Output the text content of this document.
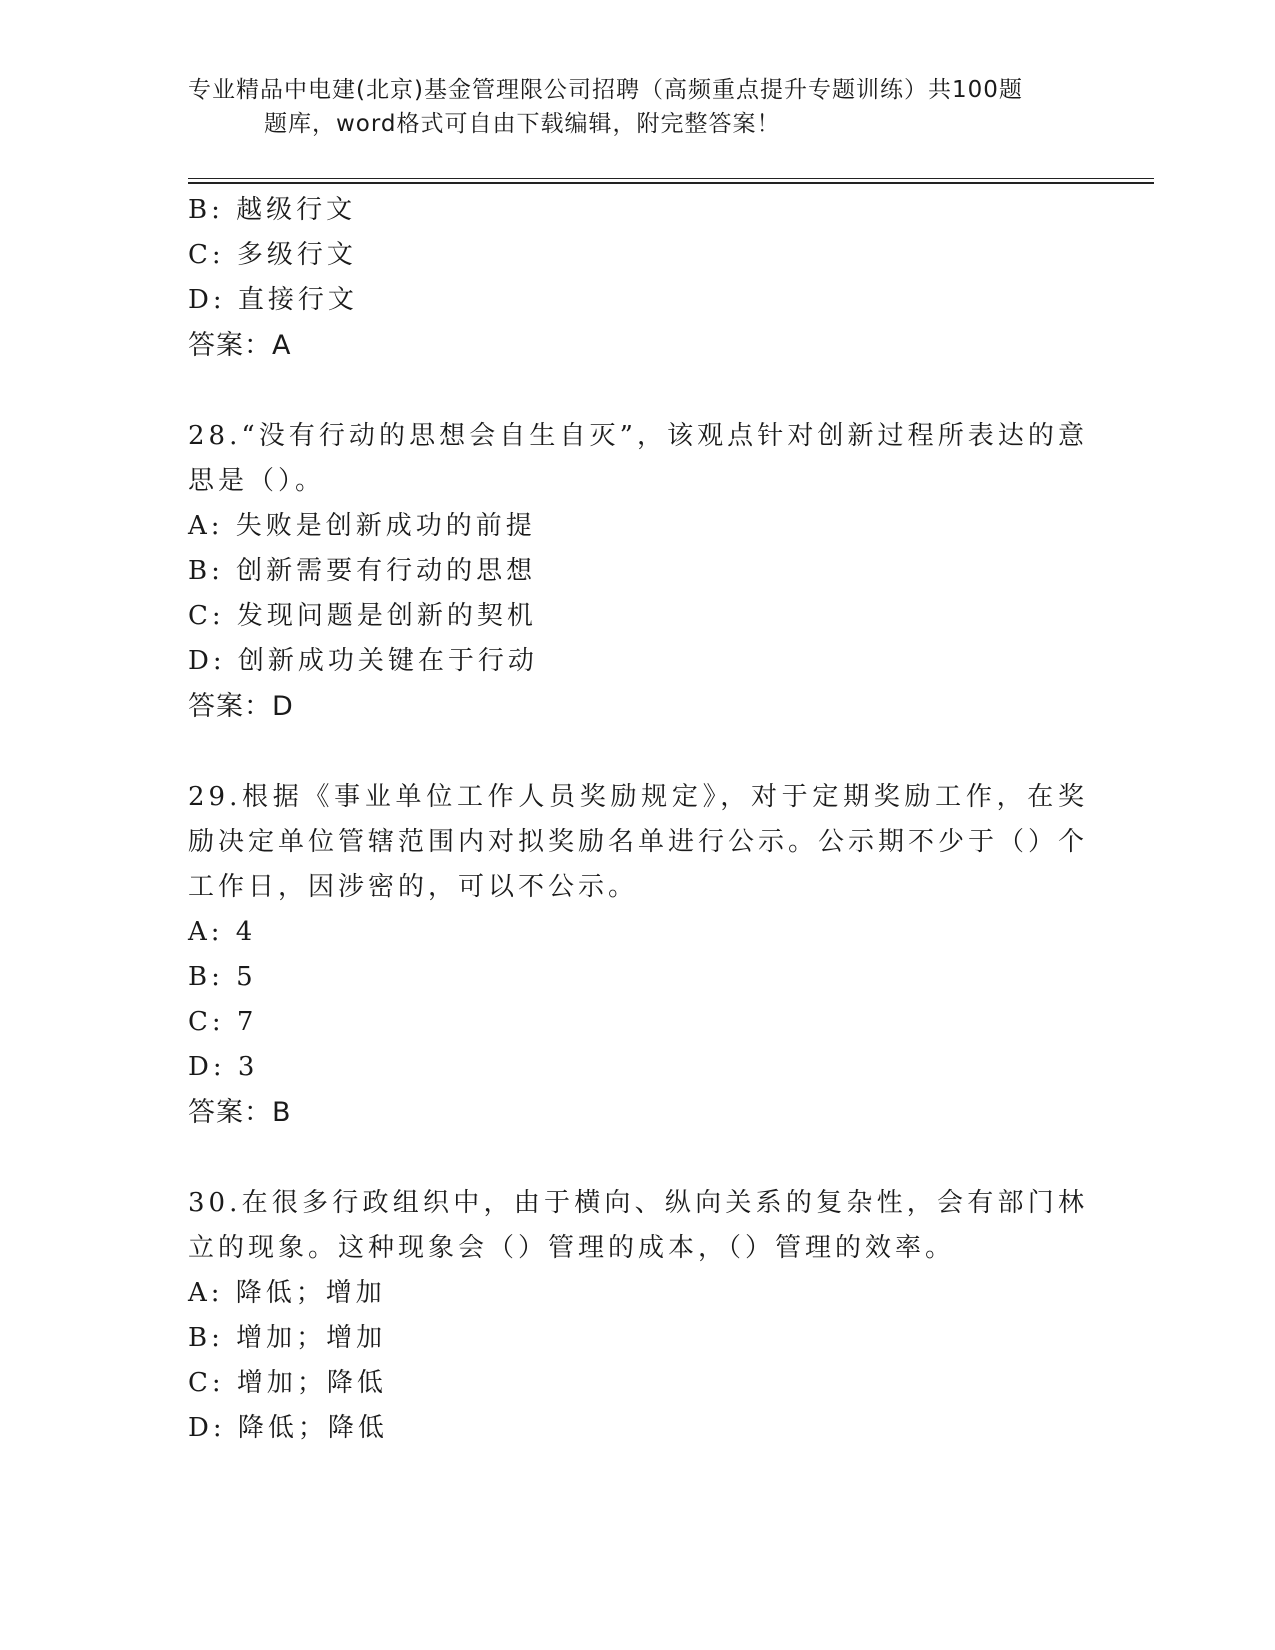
专业精品中电建(北京)基金管理限公司招聘（高频重点提升专题训练）共100题
题库，word格式可自由下载编辑，附完整答案！
B: 越级行文
C: 多级行文
D: 直接行文
答案：A
28.“没有行动的思想会自生自灭”，该观点针对创新过程所表达的意思是（）。
A: 失败是创新成功的前提
B: 创新需要有行动的思想
C: 发现问题是创新的契机
D: 创新成功关键在于行动
答案：D
29.根据《事业单位工作人员奖励规定》，对于定期奖励工作，在奖励决定单位管辖范围内对拟奖励名单进行公示。公示期不少于（）个工作日，因涉密的，可以不公示。
A: 4
B: 5
C: 7
D: 3
答案：B
30.在很多行政组织中，由于横向、纵向关系的复杂性，会有部门林立的现象。这种现象会（）管理的成本，（）管理的效率。
A: 降低；增加
B: 增加；增加
C: 增加；降低
D: 降低；降低
